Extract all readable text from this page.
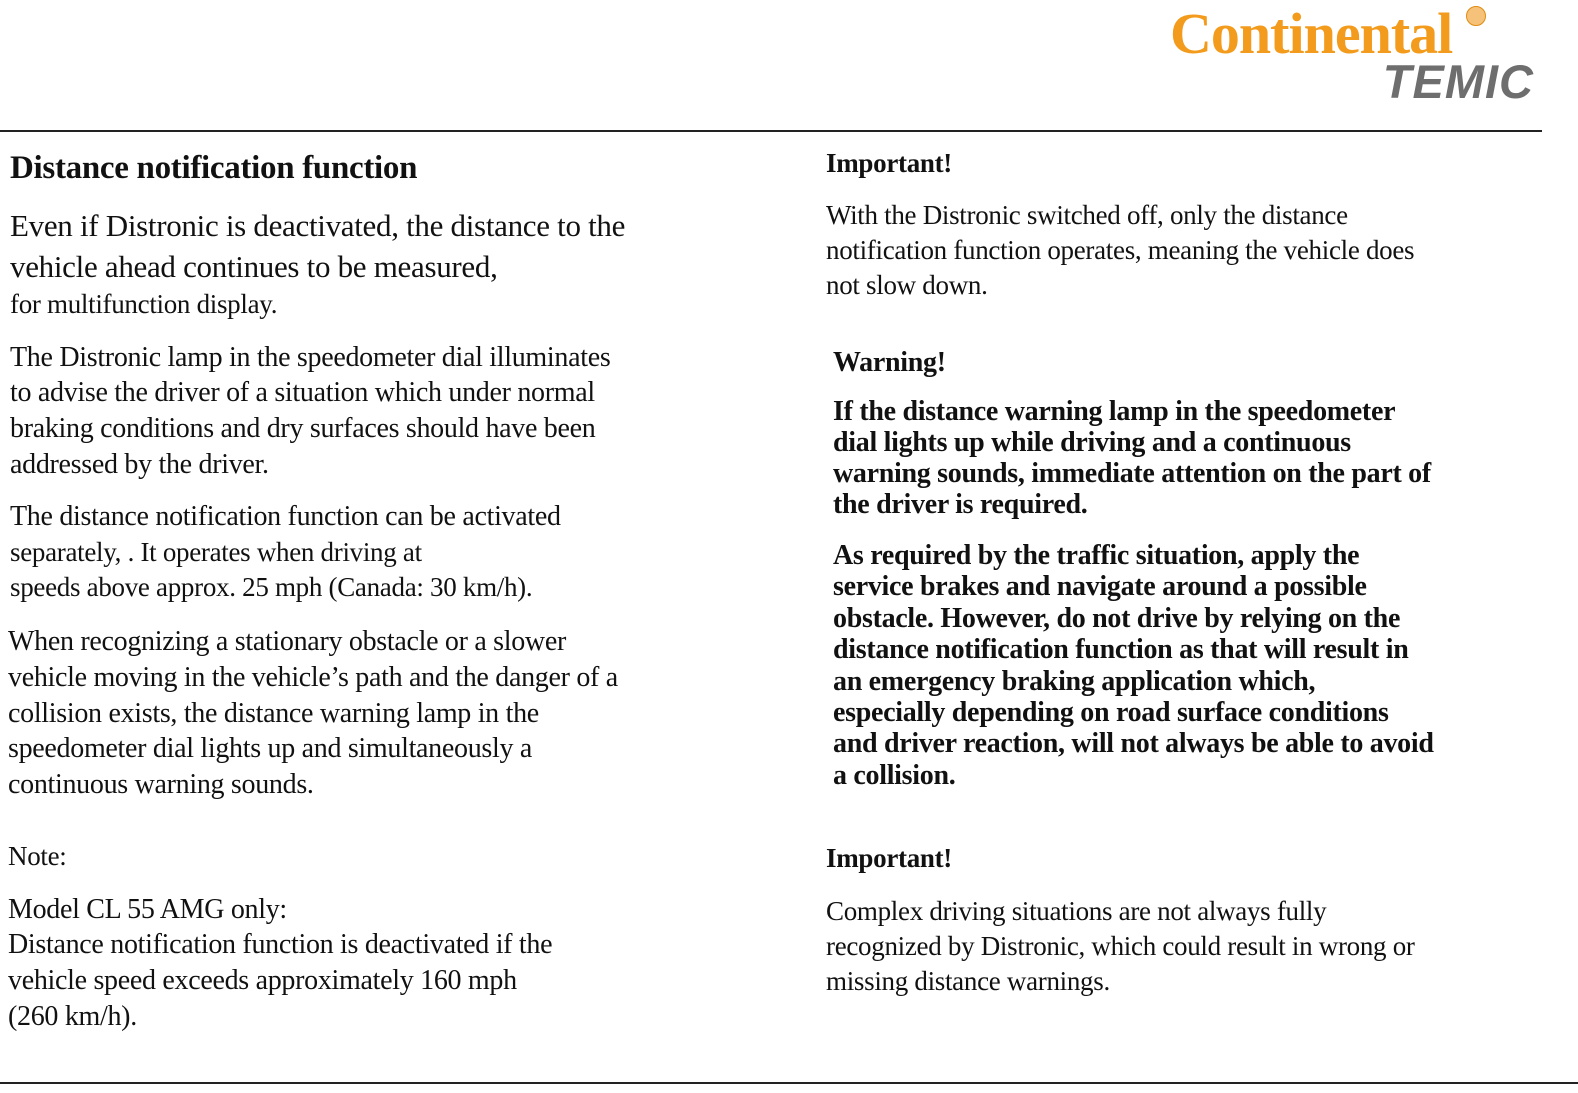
Continental
TEMIC
Distance notification function
Even if Distronic is deactivated, the distance to the
vehicle ahead continues to be measured,
for multifunction display.
The Distronic lamp in the speedometer dial illuminates
to advise the driver of a situation which under normal
braking conditions and dry surfaces should have been
addressed by the driver.
The distance notification function can be activated
separately, . It operates when driving at
speeds above approx. 25 mph (Canada: 30 km/h).
When recognizing a stationary obstacle or a slower
vehicle moving in the vehicle’s path and the danger of a
collision exists, the distance warning lamp in the
speedometer dial lights up and simultaneously a
continuous warning sounds.
Note:
Model CL 55 AMG only:
Distance notification function is deactivated if the
vehicle speed exceeds approximately 160 mph
(260 km/h).
Important!
With the Distronic switched off, only the distance
notification function operates, meaning the vehicle does
not slow down.
Warning!
If the distance warning lamp in the speedometer
dial lights up while driving and a continuous
warning sounds, immediate attention on the part of
the driver is required.
As required by the traffic situation, apply the
service brakes and navigate around a possible
obstacle. However, do not drive by relying on the
distance notification function as that will result in
an emergency braking application which,
especially depending on road surface conditions
and driver reaction, will not always be able to avoid
a collision.
Important!
Complex driving situations are not always fully
recognized by Distronic, which could result in wrong or
missing distance warnings.
